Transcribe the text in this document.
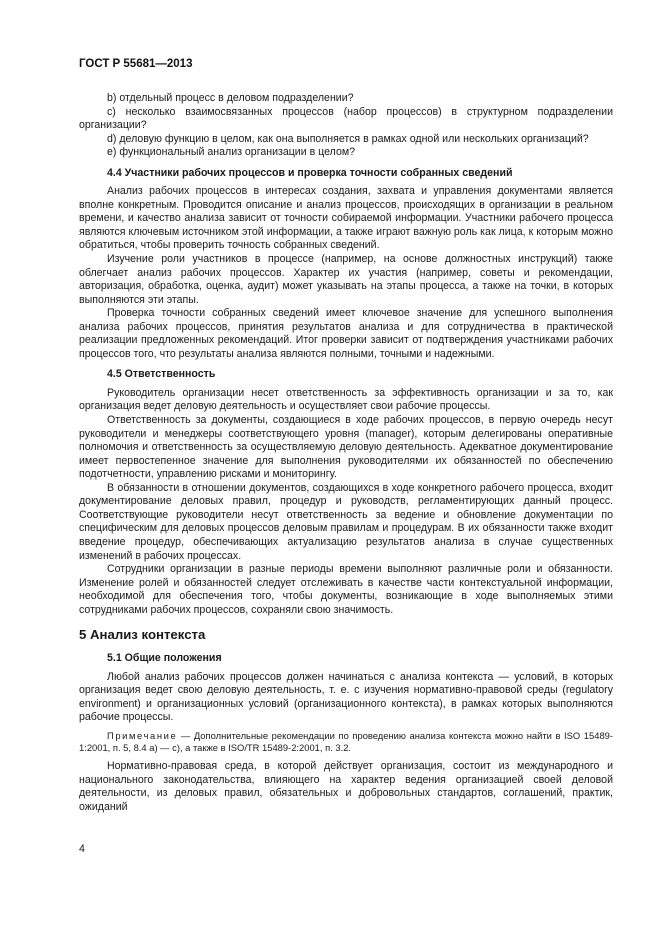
ГОСТ Р 55681—2013

b) отдельный процесс в деловом подразделении?

c) несколько взаимосвязанных процессов (набор процессов) в структурном подразделении организации?

d) деловую функцию в целом, как она выполняется в рамках одной или нескольких организаций?

e) функциональный анализ организации в целом?

4.4 Участники рабочих процессов и проверка точности собранных сведений

Анализ рабочих процессов в интересах создания, захвата и управления документами является вполне конкретным. Проводится описание и анализ процессов, происходящих в организации в реальном времени, и качество анализа зависит от точности собираемой информации. Участники рабочего процесса являются ключевым источником этой информации, а также играют важную роль как лица, к которым можно обратиться, чтобы проверить точность собранных сведений.

Изучение роли участников в процессе (например, на основе должностных инструкций) также облегчает анализ рабочих процессов. Характер их участия (например, советы и рекомендации, авторизация, обработка, оценка, аудит) может указывать на этапы процесса, а также на точки, в которых выполняются эти этапы.

Проверка точности собранных сведений имеет ключевое значение для успешного выполнения анализа рабочих процессов, принятия результатов анализа и для сотрудничества в практической реализации предложенных рекомендаций. Итог проверки зависит от подтверждения участниками рабочих процессов того, что результаты анализа являются полными, точными и надежными.

4.5 Ответственность

Руководитель организации несет ответственность за эффективность организации и за то, как организация ведет деловую деятельность и осуществляет свои рабочие процессы.

Ответственность за документы, создающиеся в ходе рабочих процессов, в первую очередь несут руководители и менеджеры соответствующего уровня (manager), которым делегированы оперативные полномочия и ответственность за осуществляемую деловую деятельность. Адекватное документирование имеет первостепенное значение для выполнения руководителями их обязанностей по обеспечению подотчетности, управлению рисками и мониторингу.

В обязанности в отношении документов, создающихся в ходе конкретного рабочего процесса, входит документирование деловых правил, процедур и руководств, регламентирующих данный процесс. Соответствующие руководители несут ответственность за ведение и обновление документации по специфическим для деловых процессов деловым правилам и процедурам. В их обязанности также входит введение процедур, обеспечивающих актуализацию результатов анализа в случае существенных изменений в рабочих процессах.

Сотрудники организации в разные периоды времени выполняют различные роли и обязанности. Изменение ролей и обязанностей следует отслеживать в качестве части контекстуальной информации, необходимой для обеспечения того, чтобы документы, возникающие в ходе выполняемых этими сотрудниками рабочих процессов, сохраняли свою значимость.

5 Анализ контекста

5.1 Общие положения

Любой анализ рабочих процессов должен начинаться с анализа контекста — условий, в которых организация ведет свою деловую деятельность, т. е. с изучения нормативно-правовой среды (regulatory environment) и организационных условий (организационного контекста), в рамках которых выполняются рабочие процессы.

Примечание — Дополнительные рекомендации по проведению анализа контекста можно найти в ISO 15489-1:2001, п. 5, 8.4 а) — с), а также в ISO/TR 15489-2:2001, п. 3.2.

Нормативно-правовая среда, в которой действует организация, состоит из международного и национального законодательства, влияющего на характер ведения организацией своей деловой деятельности, из деловых правил, обязательных и добровольных стандартов, соглашений, практик, ожиданий

4
